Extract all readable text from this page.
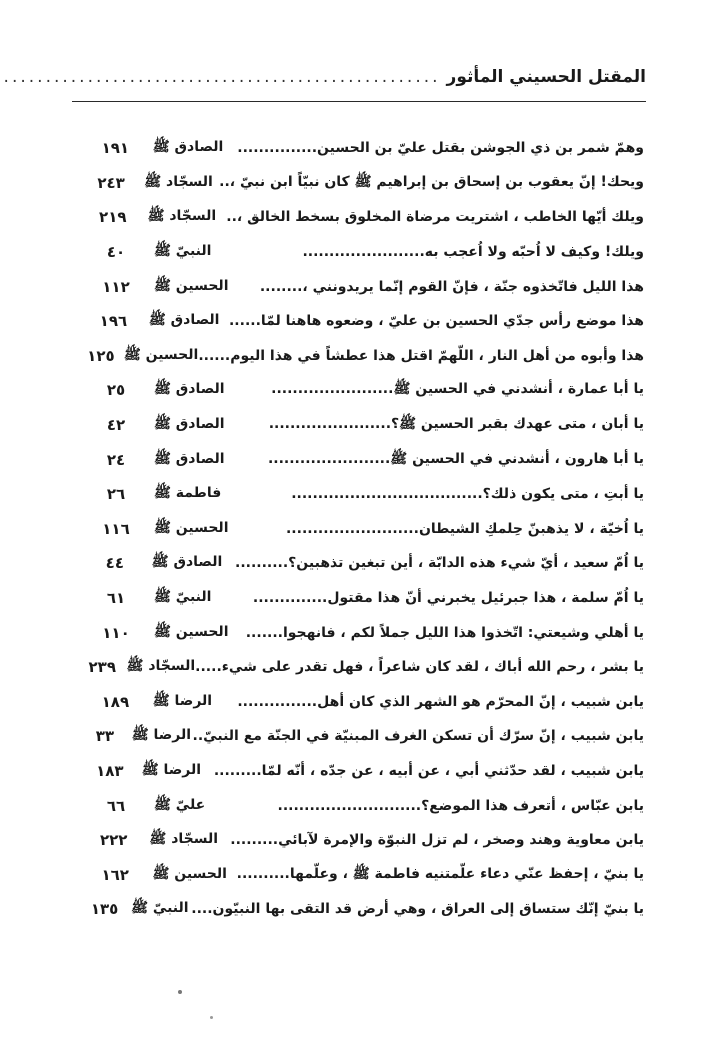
المقتل الحسيني المأثور
.....
وهمّ شمر بن ذي الجوشن بقتل عليّ بن الحسين...............
الصادق ﷺ
١٩١
ويحك! إنّ يعقوب بن إسحاق بن إبراهيم ﷺ كان نبيّاً ابن نبيّ ،..
السجّاد ﷺ
٢٤٣
ويلك أيّها الخاطب ، اشتريت مرضاة المخلوق بسخط الخالق ،..
السجّاد ﷺ
٢١٩
ويلك! وكيف لا اُحبّه ولا اُعجب به.......................
النبيّ ﷺ
٤٠
هذا الليل فاتّخذوه جنّة ، فإنّ القوم إنّما يريدونني ،........
الحسين ﷺ
١١٢
هذا موضع رأس جدّي الحسين بن عليّ ، وضعوه هاهنا لمّا......
الصادق ﷺ
١٩٦
هذا وأبوه من أهل النار ، اللّهمّ اقتل هذا عطشاً في هذا اليوم......
الحسين ﷺ
١٢٥
يا أبا عمارة ، أنشدني في الحسين ﷺ.......................
الصادق ﷺ
٢٥
يا أبان ، متى عهدك بقبر الحسين ﷺ؟.......................
الصادق ﷺ
٤٢
يا أبا هارون ، أنشدني في الحسين ﷺ.......................
الصادق ﷺ
٢٤
يا أبتِ ، متى يكون ذلك؟....................................
فاطمة ﷺ
٢٦
يا اُخيّة ، لا يذهبنّ حِلمكِ الشيطان.........................
الحسين ﷺ
١١٦
يا اُمّ سعيد ، أيّ شيء هذه الدابّة ، أين تبغين تذهبين؟..........
الصادق ﷺ
٤٤
يا اُمّ سلمة ، هذا جبرئيل يخبرني أنّ هذا مقتول..............
النبيّ ﷺ
٦١
يا أهلي وشيعتي: اتّخذوا هذا الليل جملاً لكم ، فانهجوا.......
الحسين ﷺ
١١٠
يا بشر ، رحم الله أباك ، لقد كان شاعراً ، فهل تقدر على شيء.....
السجّاد ﷺ
٢٣٩
يابن شبيب ، إنّ المحرّم هو الشهر الذي كان أهل...............
الرضا ﷺ
١٨٩
يابن شبيب ، إنّ سرّك أن تسكن الغرف المبنيّة في الجنّة مع النبيّ..
الرضا ﷺ
٣٣
يابن شبيب ، لقد حدّثني أبي ، عن أبيه ، عن جدّه ، أنّه لمّا.........
الرضا ﷺ
١٨٣
يابن عبّاس ، أتعرف هذا الموضع؟...........................
عليّ ﷺ
٦٦
يابن معاوية وهند وصخر ، لم تزل النبوّة والإمرة لآبائي.........
السجّاد ﷺ
٢٢٢
يا بنيّ ، إحفظ عنّي دعاء علّمتنيه فاطمة ﷺ ، وعلّمها..........
الحسين ﷺ
١٦٢
يا بنيّ إنّك ستساق إلى العراق ، وهي أرض قد التقى بها النبيّون....
النبيّ ﷺ
١٣٥
